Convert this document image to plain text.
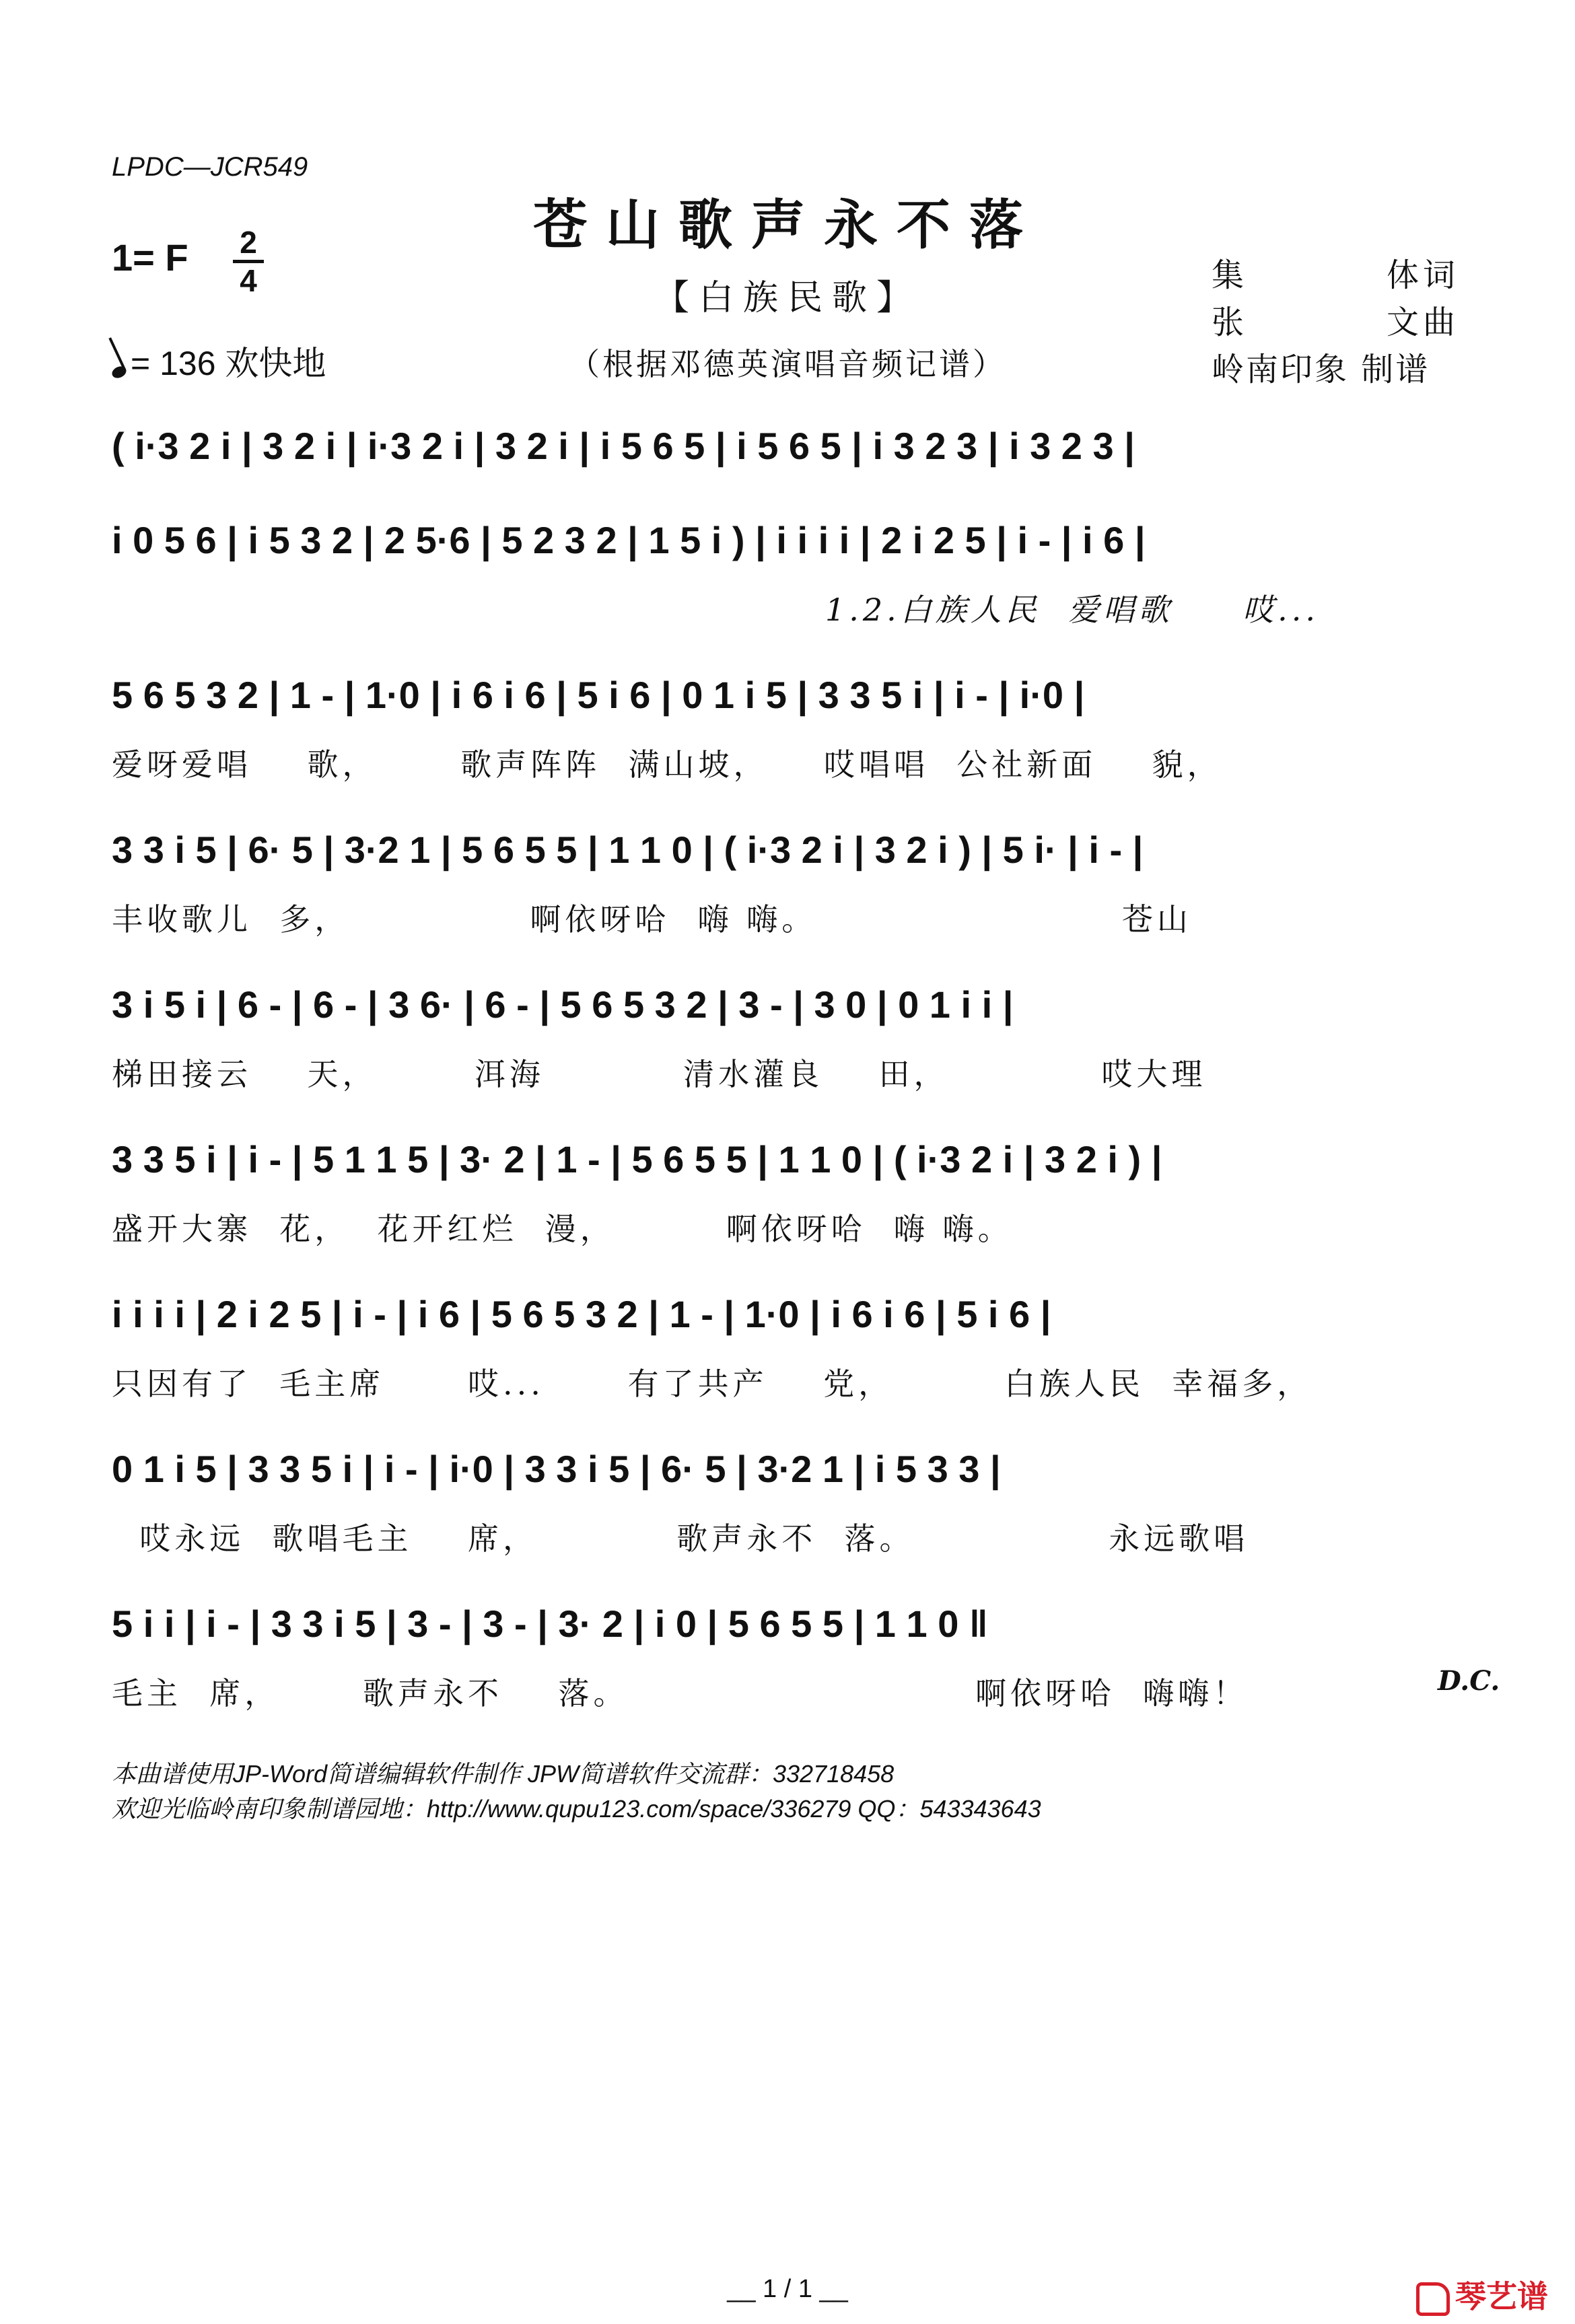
LPDC—JCR549
苍山歌声永不落
【白族民歌】
（根据邓德英演唱音频记谱）
1= F 2
4
= 136 欢快地
集	体词
张	文曲
岭南印象 制谱
( i·3 2 i | 3 2 i | i·3 2 i | 3 2 i | i 5 6 5 | i 5 6 5 | i 3 2 3 | i 3 2 3 |
i 0 5 6 | i 5 3 2 | 2 5·6 | 5 2 3 2 | 1 5 i ) | i i i i | 2 i 2 5 | i - | i 6 |
1.2.白族人民  爱唱歌     哎...
5 6 5 3 2 | 1 - | 1·0 | i 6 i 6 | 5 i 6 | 0 1 i 5 | 3 3 5 i | i - | i·0 |
爱呀爱唱    歌，      歌声阵阵  满山坡，    哎唱唱  公社新面    貌，
3 3 i 5 | 6· 5 | 3·2 1 | 5 6 5 5 | 1 1 0 | ( i·3 2 i | 3 2 i ) | 5 i· | i - |
丰收歌儿  多，             啊依呀哈  嗨 嗨。                      苍山
3 i 5 i | 6 - | 6 - | 3 6· | 6 - | 5 6 5 3 2 | 3 - | 3 0 | 0 1 i i |
梯田接云    天，       洱海          清水灌良    田，           哎大理
3 3 5 i | i - | 5 1 1 5 | 3· 2 | 1 - | 5 6 5 5 | 1 1 0 | ( i·3 2 i | 3 2 i ) |
盛开大寨  花，  花开红烂  漫，        啊依呀哈  嗨 嗨。
i i i i | 2 i 2 5 | i - | i 6 | 5 6 5 3 2 | 1 - | 1·0 | i 6 i 6 | 5 i 6 |
只因有了  毛主席      哎...      有了共产    党，        白族人民  幸福多，
0 1 i 5 | 3 3 5 i | i - | i·0 | 3 3 i 5 | 6· 5 | 3·2 1 | i 5 3 3 |
哎永远  歌唱毛主    席，          歌声永不  落。              永远歌唱
5 i i | i - | 3 3 i 5 | 3 - | 3 - | 3· 2 | i 0 | 5 6 5 5 | 1 1 0 ‖
毛主  席，      歌声永不    落。                         啊依呀哈  嗨嗨！	D.C.
本曲谱使用JP-Word简谱编辑软件制作 JPW简谱软件交流群：332718458
欢迎光临岭南印象制谱园地：http://www.qupu123.com/space/336279 QQ：543343643
__ 1 / 1 __	琴艺谱
